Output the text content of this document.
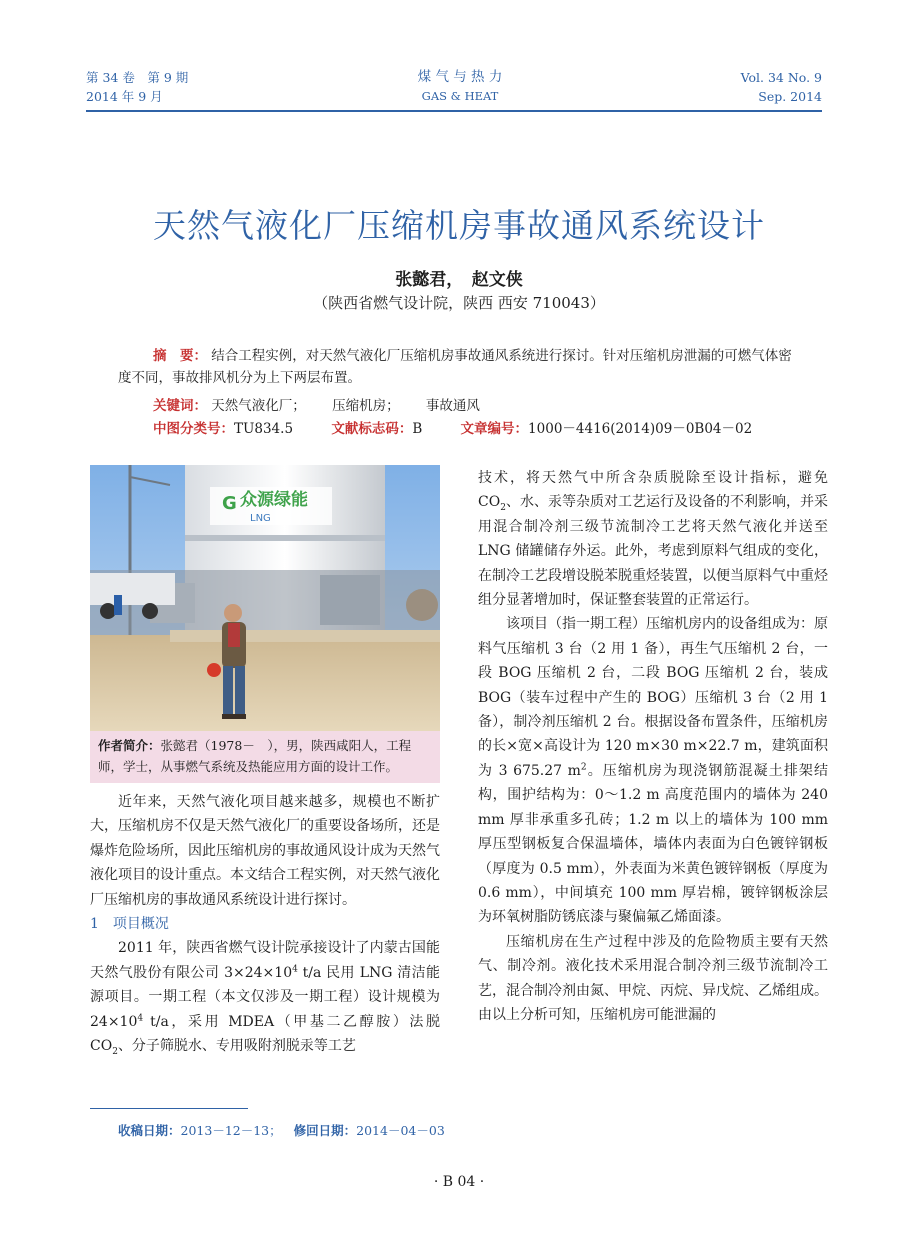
第 34 卷　第 9 期
2014 年 9 月
煤 气 与 热 力
GAS & HEAT
Vol. 34 No. 9
Sep. 2014
天然气液化厂压缩机房事故通风系统设计
张懿君，　赵文侠
（陕西省燃气设计院，陕西 西安 710043）
摘　要： 结合工程实例，对天然气液化厂压缩机房事故通风系统进行探讨。针对压缩机房泄漏的可燃气体密度不同，事故排风机分为上下两层布置。
关键词： 天然气液化厂； 压缩机房； 事故通风
中图分类号：TU834.5	文献标志码：B	文章编号：1000－4416(2014)09－0B04－02
众源绿能
G
LNG
作者简介：张懿君（1978－　），男，陕西咸阳人，工程师，学士，从事燃气系统及热能应用方面的设计工作。

近年来，天然气液化项目越来越多，规模也不断扩大，压缩机房不仅是天然气液化厂的重要设备场所，还是爆炸危险场所，因此压缩机房的事故通风设计成为天然气液化项目的设计重点。本文结合工程实例，对天然气液化厂压缩机房的事故通风系统设计进行探讨。

1　项目概况

2011 年，陕西省燃气设计院承接设计了内蒙古国能天然气股份有限公司 $3\times 24\times 10^4$ t/a 民用 LNG 清洁能源项目。一期工程（本文仅涉及一期工程）设计规模为 $24\times 10^4$ t/a，采用 MDEA（甲基二乙醇胺）法脱 $CO_2$、分子筛脱水、专用吸附剂脱汞等工艺

技术，将天然气中所含杂质脱除至设计指标，避免 $CO_2$、水、汞等杂质对工艺运行及设备的不利影响，并采用混合制冷剂三级节流制冷工艺将天然气液化并送至 LNG 储罐储存外运。此外，考虑到原料气组成的变化，在制冷工艺段增设脱苯脱重烃装置，以便当原料气中重烃组分显著增加时，保证整套装置的正常运行。

该项目（指一期工程）压缩机房内的设备组成为：原料气压缩机 3 台（2 用 1 备），再生气压缩机 2 台，一段 BOG 压缩机 2 台，二段 BOG 压缩机 2 台，装成 BOG（装车过程中产生的 BOG）压缩机 3 台（2 用 1 备），制冷剂压缩机 2 台。根据设备布置条件，压缩机房的长×宽×高设计为 120 m×30 m×22.7 m，建筑面积为 3 675.27 $m^2$。压缩机房为现浇钢筋混凝土排架结构，围护结构为：0～1.2 m 高度范围内的墙体为 240 mm 厚非承重多孔砖；1.2 m 以上的墙体为 100 mm 厚压型钢板复合保温墙体，墙体内表面为白色镀锌钢板（厚度为 0.5 mm），外表面为米黄色镀锌钢板（厚度为 0.6 mm），中间填充 100 mm 厚岩棉，镀锌钢板涂层为环氧树脂防锈底漆与聚偏氟乙烯面漆。

压缩机房在生产过程中涉及的危险物质主要有天然气、制冷剂。液化技术采用混合制冷剂三级节流制冷工艺，混合制冷剂由氮、甲烷、丙烷、异戊烷、乙烯组成。由以上分析可知，压缩机房可能泄漏的

收稿日期：2013－12－13； 修回日期：2014－04－03
· B 04 ·
